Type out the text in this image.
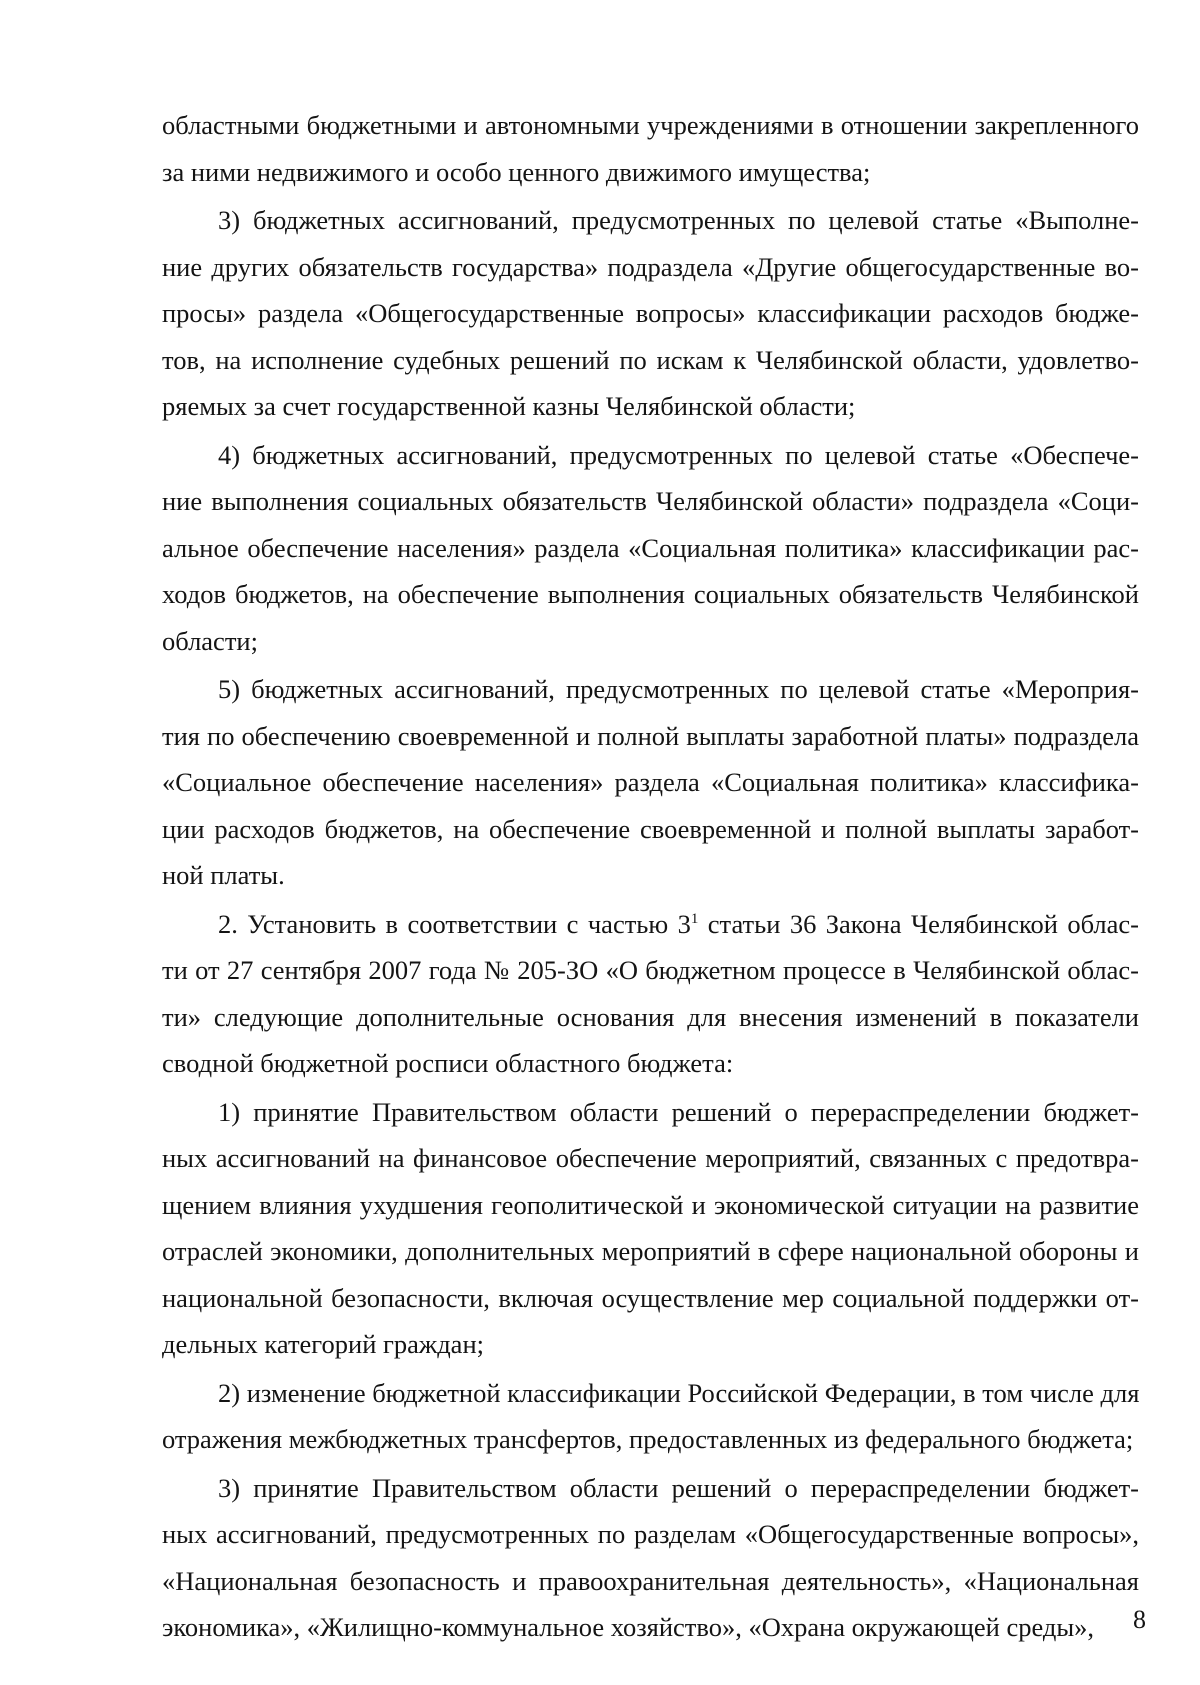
областными бюджетными и автономными учреждениями в отношении закрепленного
за ними недвижимого и особо ценного движимого имущества;
3) бюджетных ассигнований, предусмотренных по целевой статье «Выполне-
ние других обязательств государства» подраздела «Другие общегосударственные во-
просы» раздела «Общегосударственные вопросы» классификации расходов бюдже-
тов, на исполнение судебных решений по искам к Челябинской области, удовлетво-
ряемых за счет государственной казны Челябинской области;
4) бюджетных ассигнований, предусмотренных по целевой статье «Обеспече-
ние выполнения социальных обязательств Челябинской области» подраздела «Соци-
альное обеспечение населения» раздела «Социальная политика» классификации рас-
ходов бюджетов, на обеспечение выполнения социальных обязательств Челябинской
области;
5) бюджетных ассигнований, предусмотренных по целевой статье «Мероприя-
тия по обеспечению своевременной и полной выплаты заработной платы» подраздела
«Социальное обеспечение населения» раздела «Социальная политика» классифика-
ции расходов бюджетов, на обеспечение своевременной и полной выплаты заработ-
ной платы.
2. Установить в соответствии с частью $3^1$ статьи 36 Закона Челябинской облас-
ти от 27 сентября 2007 года № 205-ЗО «О бюджетном процессе в Челябинской облас-
ти» следующие дополнительные основания для внесения изменений в показатели
сводной бюджетной росписи областного бюджета:
1) принятие Правительством области решений о перераспределении бюджет-
ных ассигнований на финансовое обеспечение мероприятий, связанных с предотвра-
щением влияния ухудшения геополитической и экономической ситуации на развитие
отраслей экономики, дополнительных мероприятий в сфере национальной обороны и
национальной безопасности, включая осуществление мер социальной поддержки от-
дельных категорий граждан;
2) изменение бюджетной классификации Российской Федерации, в том числе для
отражения межбюджетных трансфертов, предоставленных из федерального бюджета;
3) принятие Правительством области решений о перераспределении бюджет-
ных ассигнований, предусмотренных по разделам «Общегосударственные вопросы»,
«Национальная безопасность и правоохранительная деятельность», «Национальная
экономика», «Жилищно-коммунальное хозяйство», «Охрана окружающей среды»,	8
